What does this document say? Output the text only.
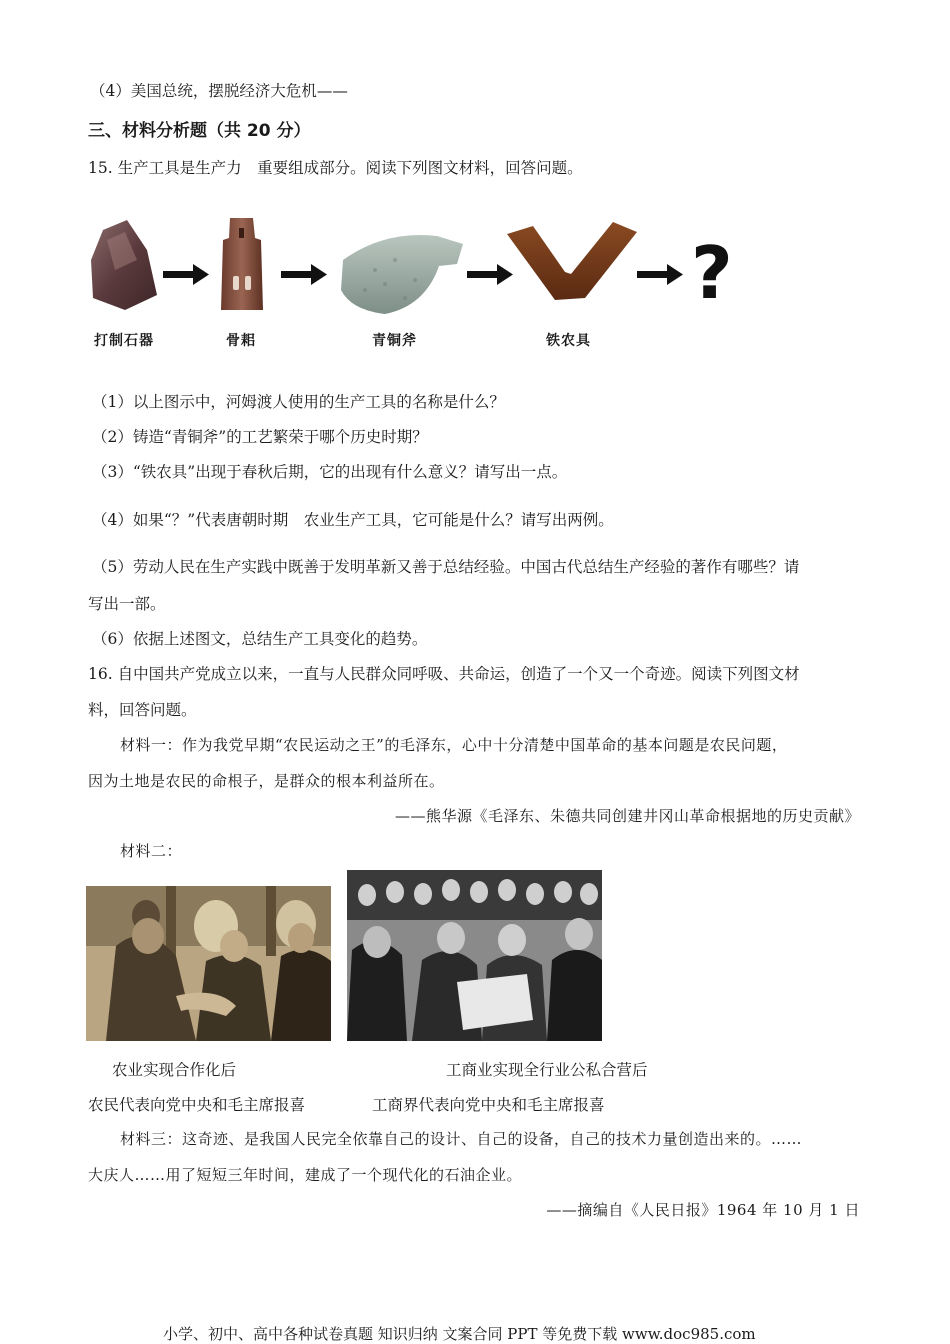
（4）美国总统，摆脱经济大危机——
三、材料分析题（共 20 分）
15. 生产工具是生产力　重要组成部分。阅读下列图文材料，回答问题。
?
打制石器	骨耜	青铜斧	铁农具
（1）以上图示中，河姆渡人使用的生产工具的名称是什么？
（2）铸造“青铜斧”的工艺繁荣于哪个历史时期？
（3）“铁农具”出现于春秋后期，它的出现有什么意义？请写出一点。
（4）如果“？”代表唐朝时期　农业生产工具，它可能是什么？请写出两例。
（5）劳动人民在生产实践中既善于发明革新又善于总结经验。中国古代总结生产经验的著作有哪些？请
写出一部。
（6）依据上述图文，总结生产工具变化的趋势。
16. 自中国共产党成立以来，一直与人民群众同呼吸、共命运，创造了一个又一个奇迹。阅读下列图文材
料，回答问题。
材料一：作为我党早期“农民运动之王”的毛泽东，心中十分清楚中国革命的基本问题是农民问题，
因为土地是农民的命根子，是群众的根本利益所在。
——熊华源《毛泽东、朱德共同创建井冈山革命根据地的历史贡献》
材料二：
农业实现合作化后	工商业实现全行业公私合营后
农民代表向党中央和毛主席报喜	工商界代表向党中央和毛主席报喜
材料三：这奇迹、是我国人民完全依靠自己的设计、自己的设备，自己的技术力量创造出来的。……
大庆人……用了短短三年时间，建成了一个现代化的石油企业。
——摘编自《人民日报》1964 年 10 月 1 日
小学、初中、高中各种试卷真题 知识归纳 文案合同 PPT 等免费下载 www.doc985.com
